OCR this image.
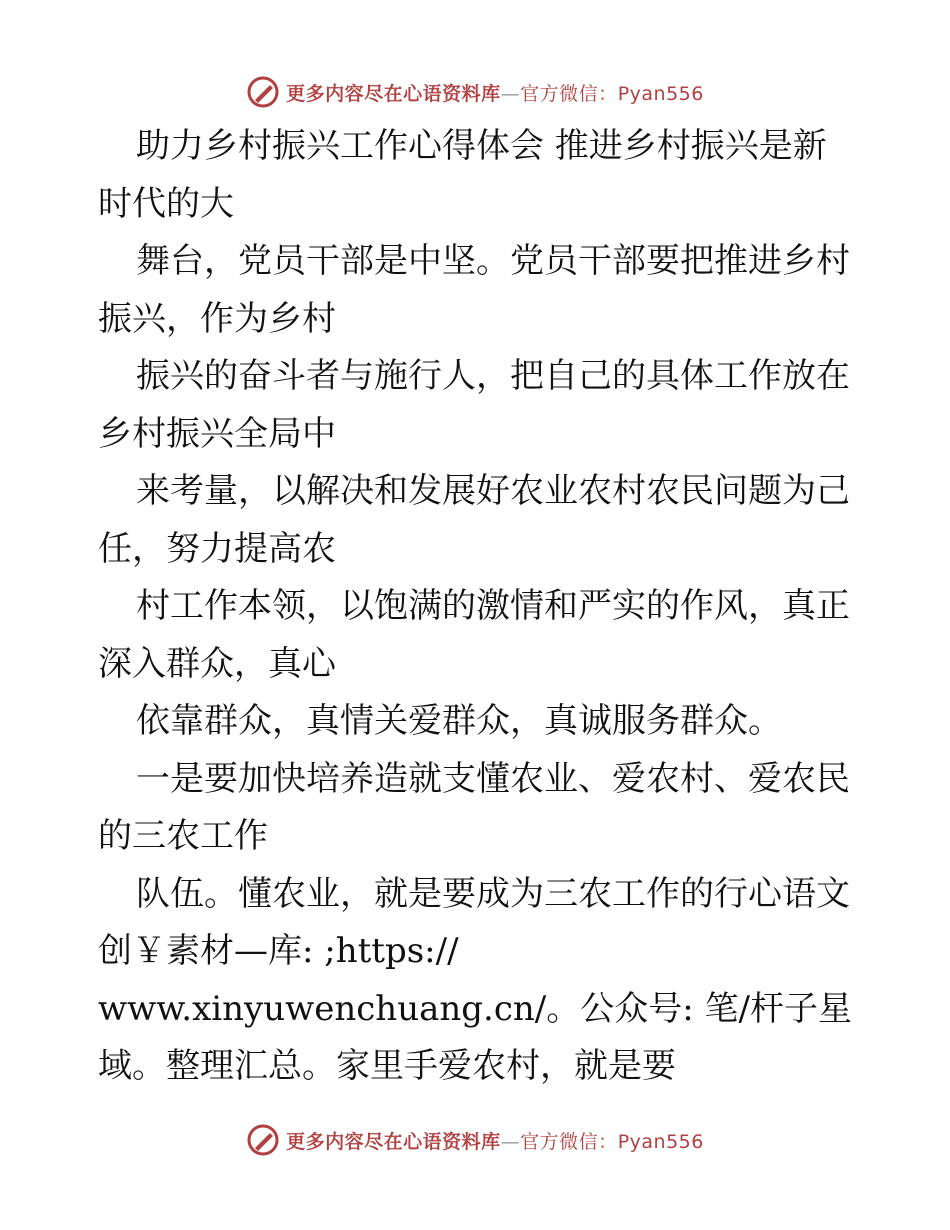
更多内容尽在心语资料库—官方微信：Pyan556
助力乡村振兴工作心得体会 推进乡村振兴是新
时代的大
舞台，党员干部是中坚。党员干部要把推进乡村
振兴，作为乡村
振兴的奋斗者与施行人，把自己的具体工作放在
乡村振兴全局中
来考量，以解决和发展好农业农村农民问题为己
任，努力提高农
村工作本领，以饱满的激情和严实的作风，真正
深入群众，真心
依靠群众，真情关爱群众，真诚服务群众。
一是要加快培养造就支懂农业、爱农村、爱农民
的三农工作
队伍。懂农业，就是要成为三农工作的行心语文
创￥素材—库: ;https://
www.xinyuwenchuang.cn/。公众号: 笔/杆子星
域。整理汇总。家里手爱农村，就是要
更多内容尽在心语资料库—官方微信：Pyan556
